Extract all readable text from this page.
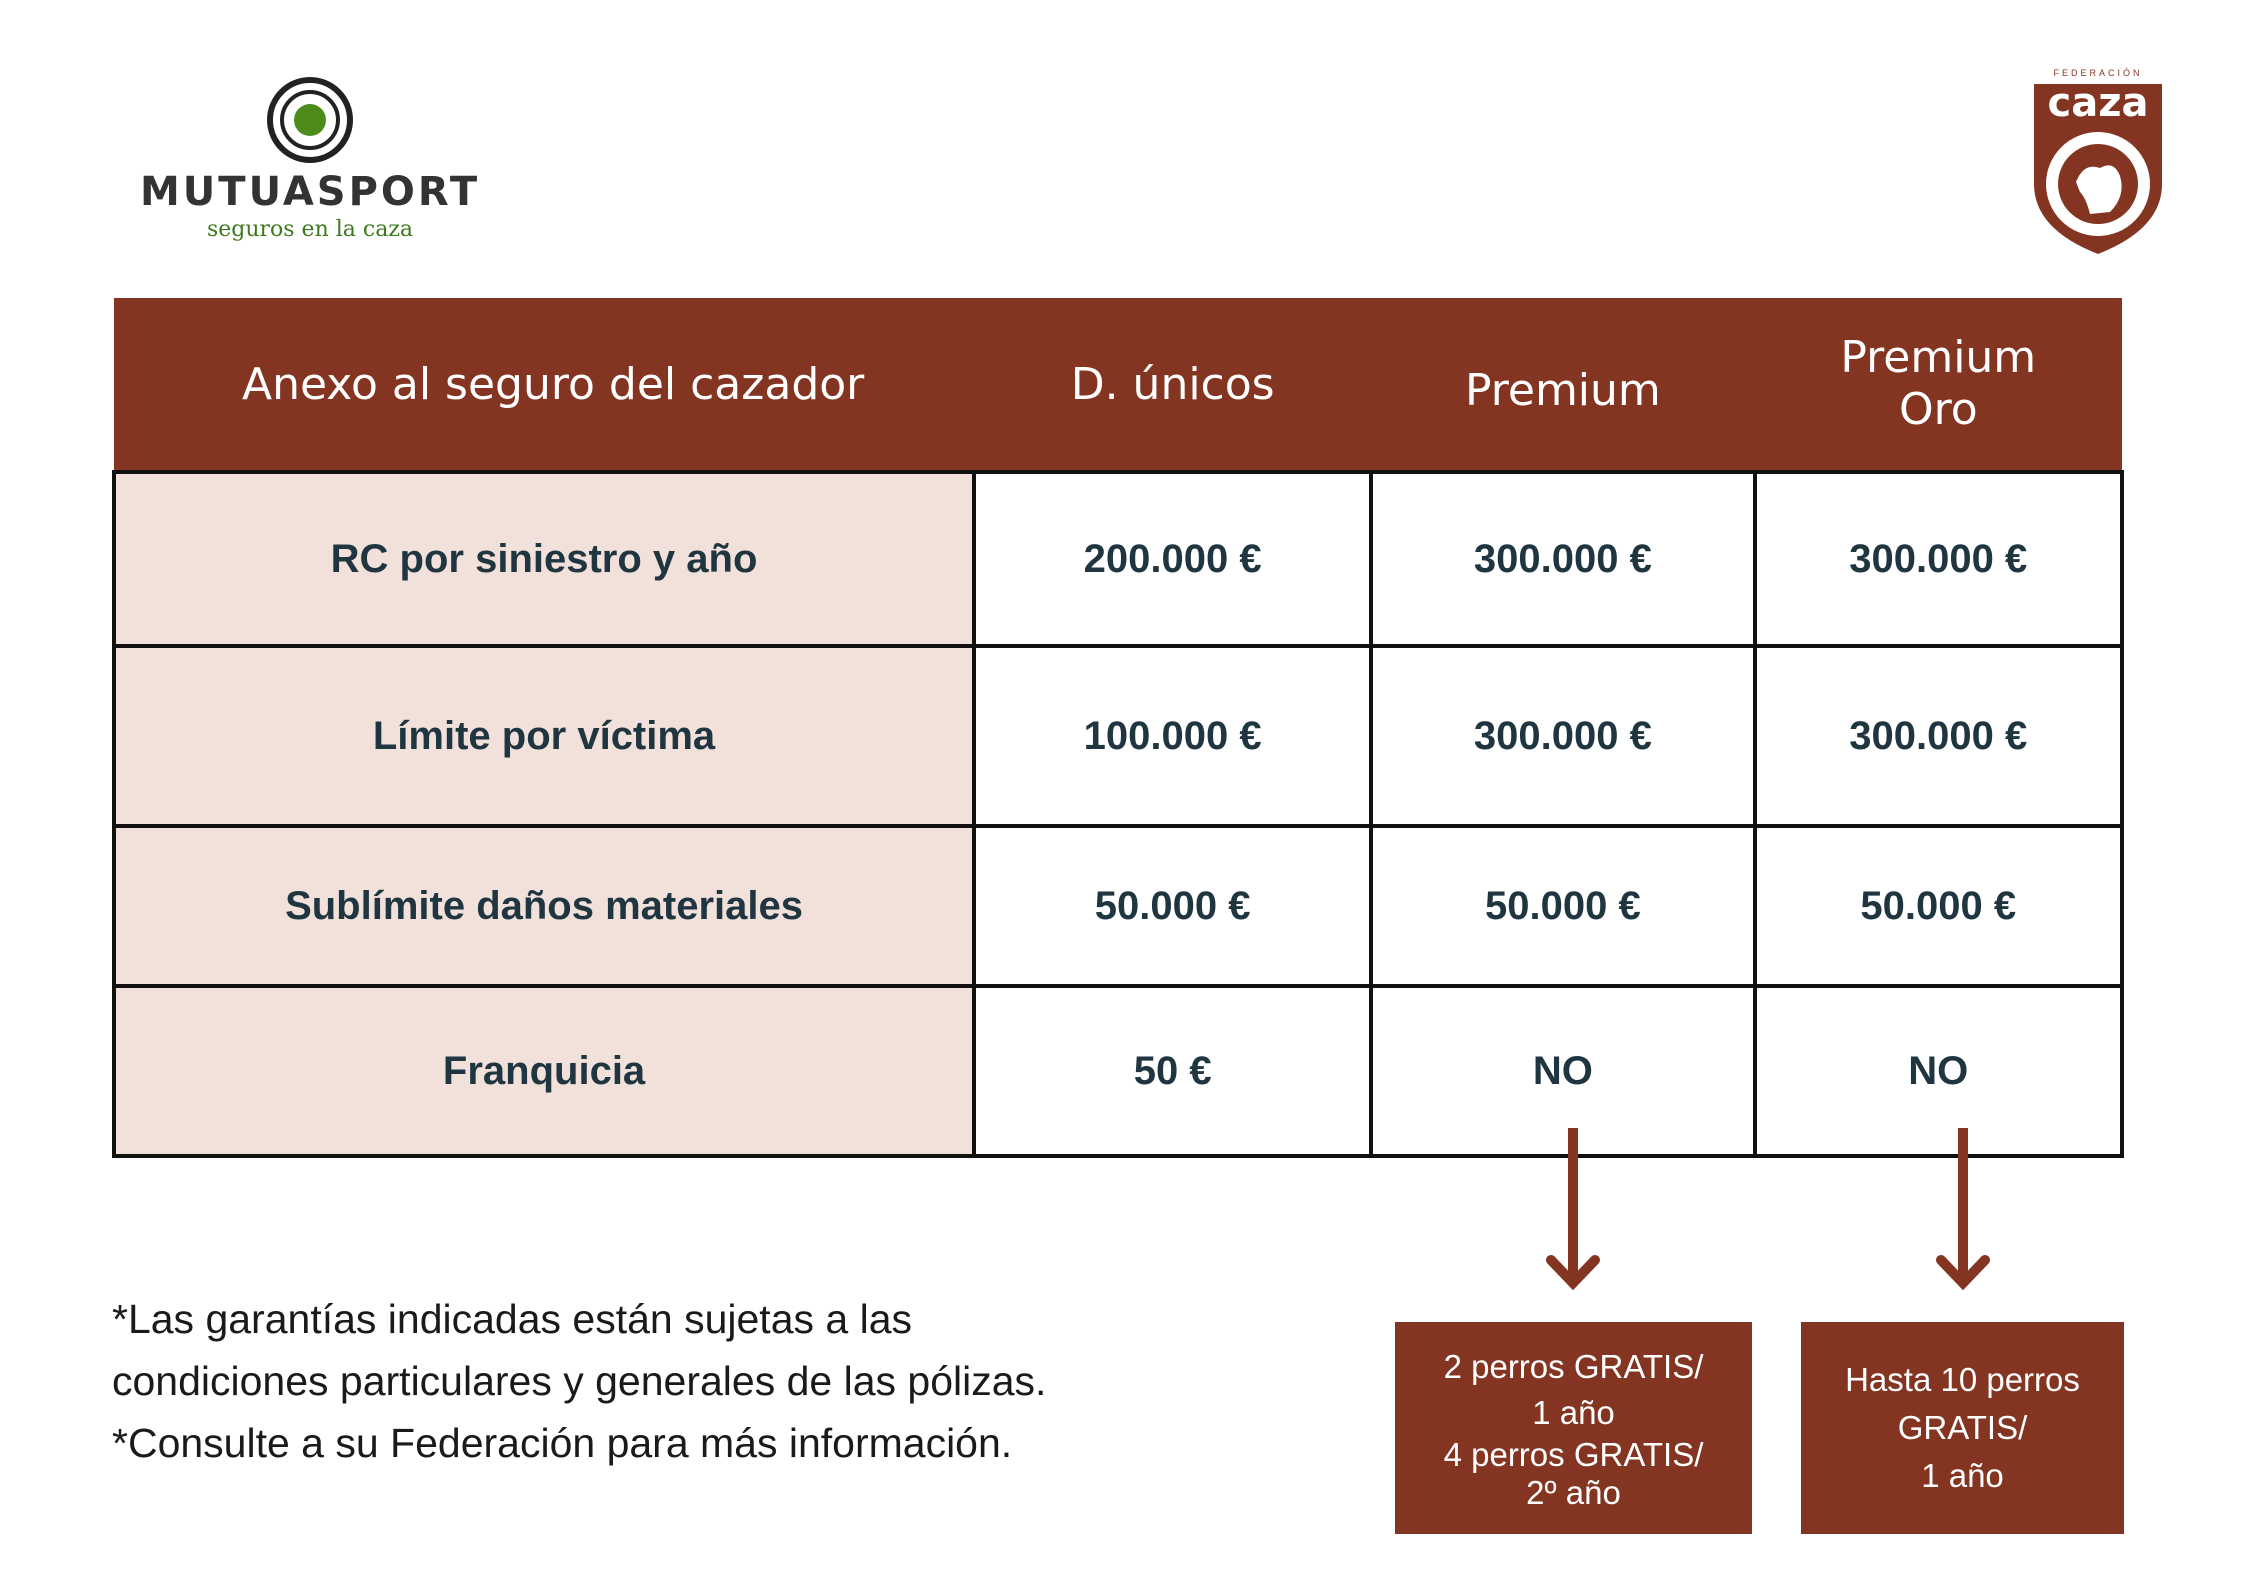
MUTUASPORT
seguros en la caza
FEDERACIÓN
caza
Anexo al seguro del cazador	D. únicos	Premium	Premium
Oro

RC por siniestro y año	200.000 €	300.000 €	300.000 €
Límite por víctima	100.000 €	300.000 €	300.000 €
Sublímite daños materiales	50.000 €	50.000 €	50.000 €
Franquicia	50 €	NO	NO
*Las garantías indicadas están sujetas a las
condiciones particulares y generales de las pólizas.
*Consulte a su Federación para más información.
2 perros GRATIS/
1 año
4 perros GRATIS/
2º año
Hasta 10 perros
GRATIS/
1 año
